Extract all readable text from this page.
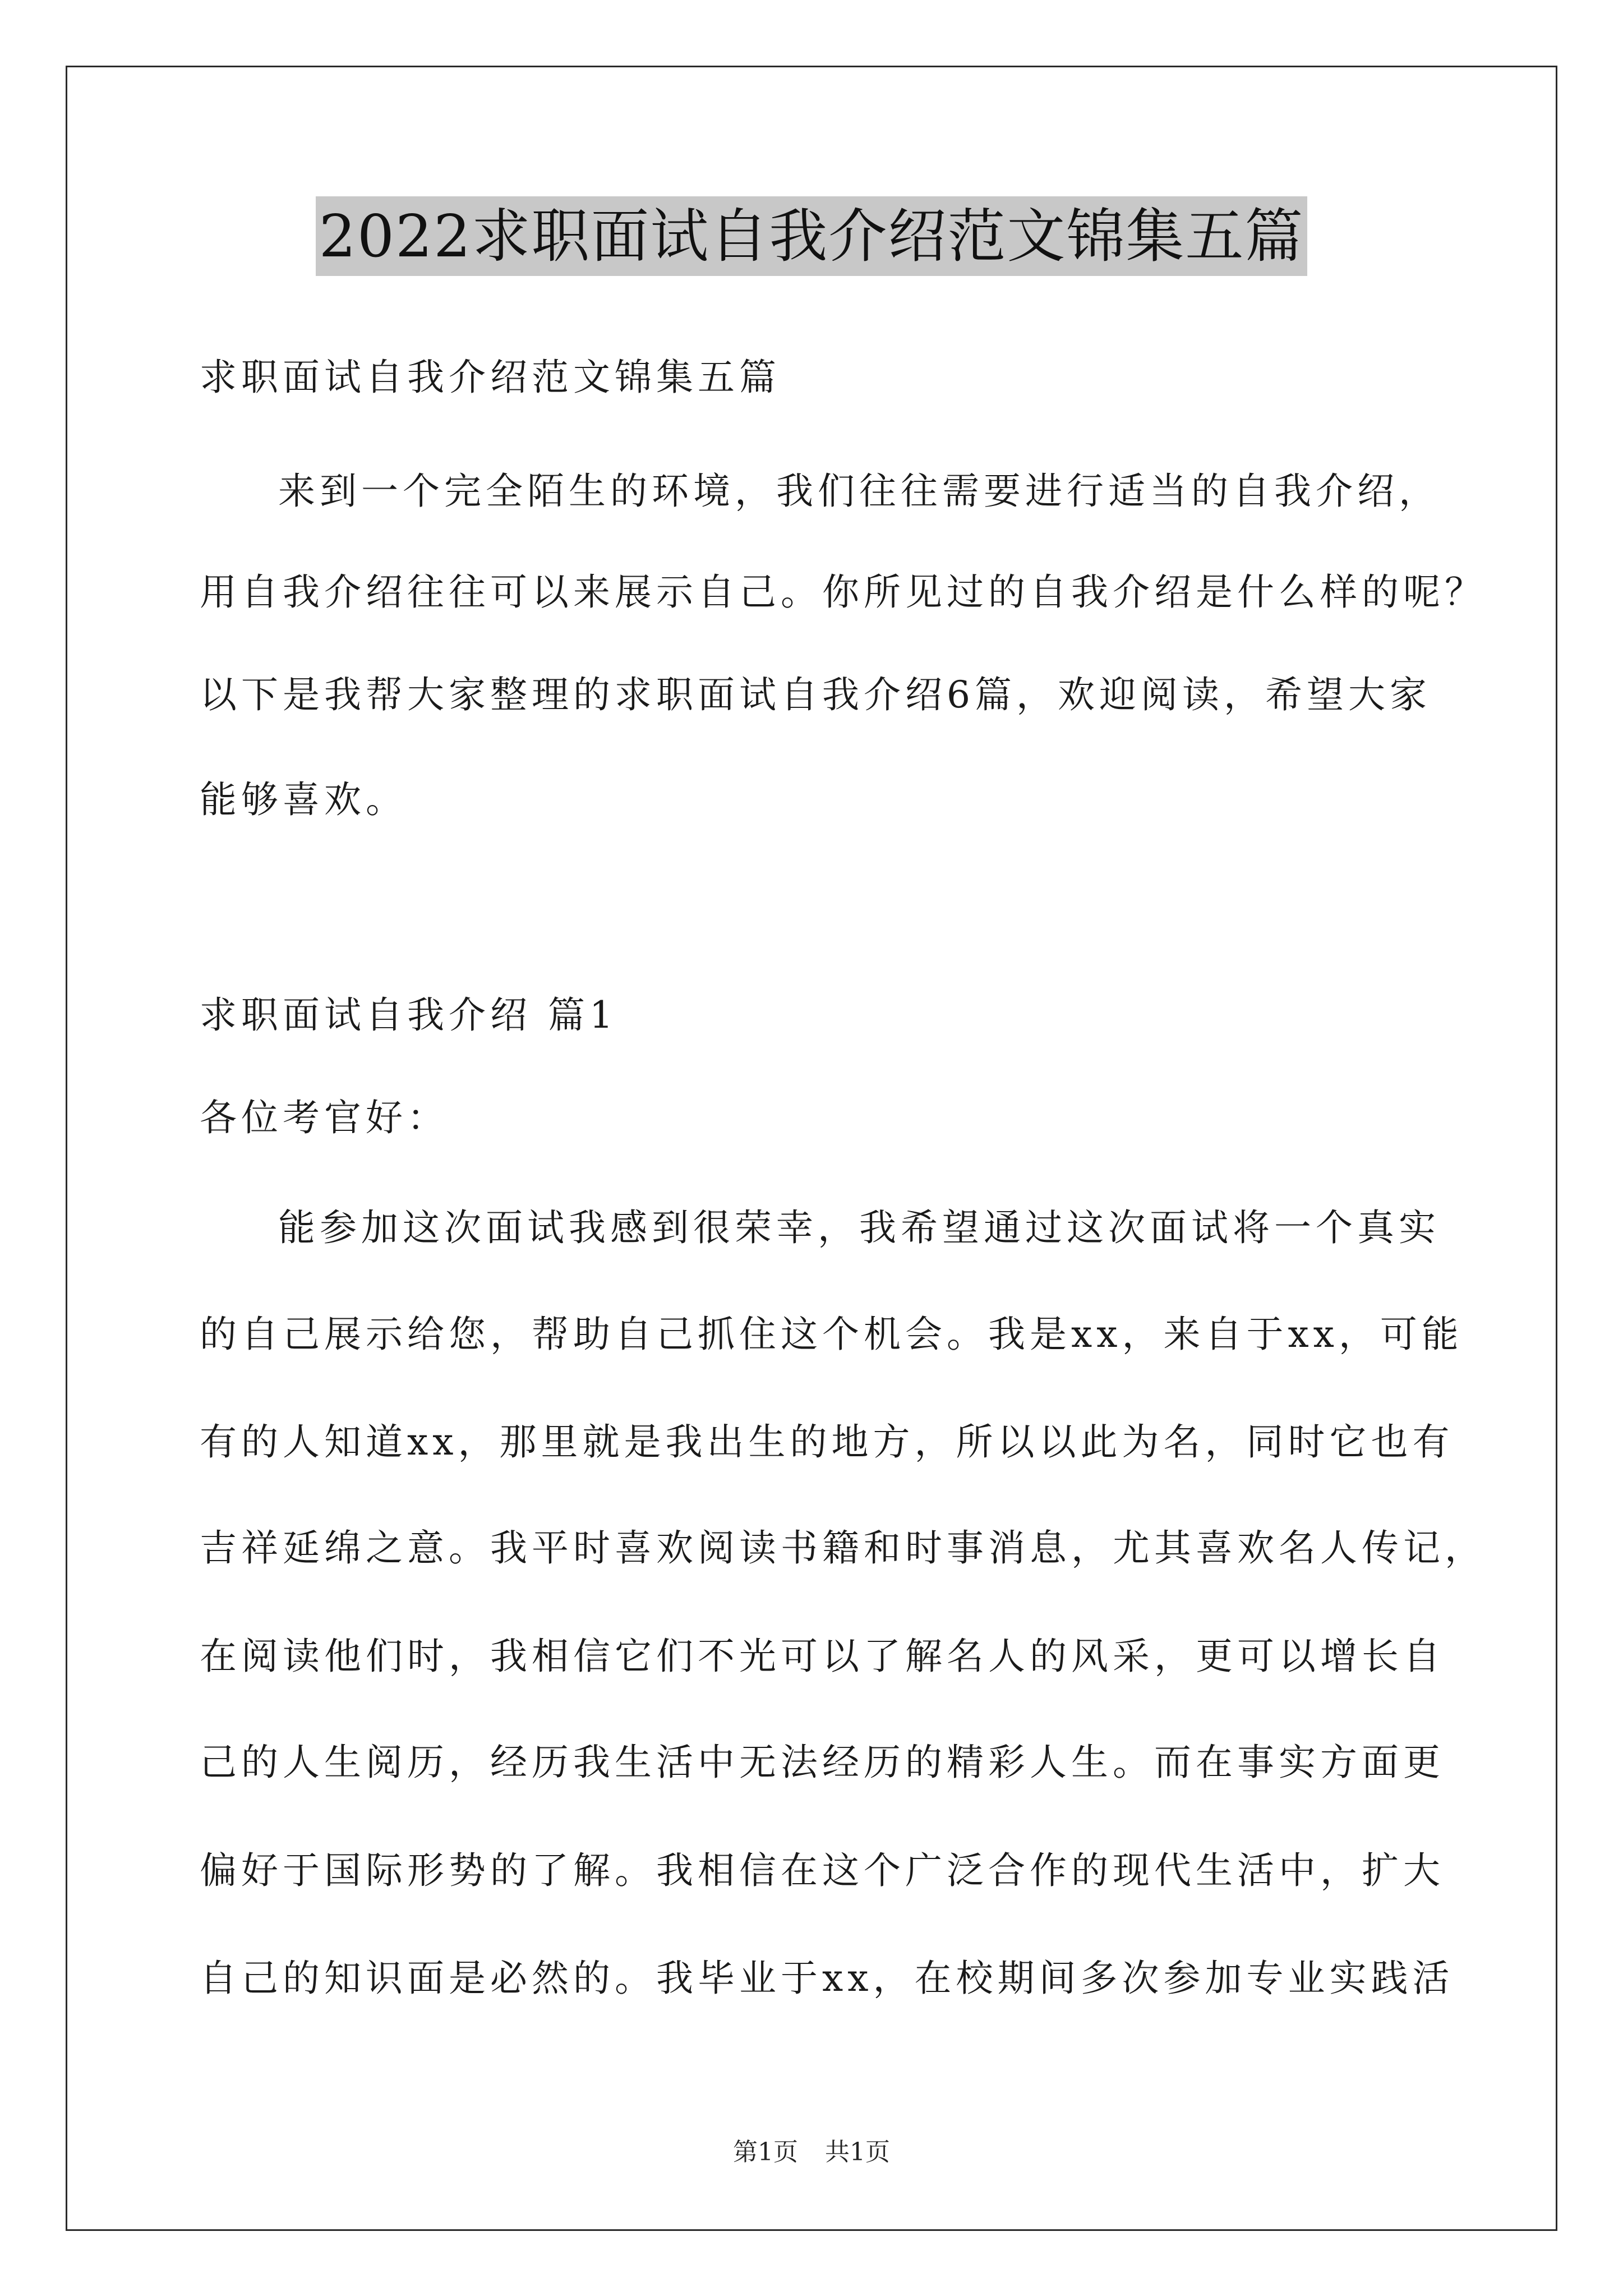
2022求职面试自我介绍范文锦集五篇
求职面试自我介绍范文锦集五篇
来到一个完全陌生的环境，我们往往需要进行适当的自我介绍，
用自我介绍往往可以来展示自己。你所见过的自我介绍是什么样的呢？
以下是我帮大家整理的求职面试自我介绍6篇，欢迎阅读，希望大家
能够喜欢。
求职面试自我介绍 篇1
各位考官好：
能参加这次面试我感到很荣幸，我希望通过这次面试将一个真实
的自己展示给您，帮助自己抓住这个机会。我是xx，来自于xx，可能
有的人知道xx，那里就是我出生的地方，所以以此为名，同时它也有
吉祥延绵之意。我平时喜欢阅读书籍和时事消息，尤其喜欢名人传记，
在阅读他们时，我相信它们不光可以了解名人的风采，更可以增长自
己的人生阅历，经历我生活中无法经历的精彩人生。而在事实方面更
偏好于国际形势的了解。我相信在这个广泛合作的现代生活中，扩大
自己的知识面是必然的。我毕业于xx，在校期间多次参加专业实践活
第1页 共1页
